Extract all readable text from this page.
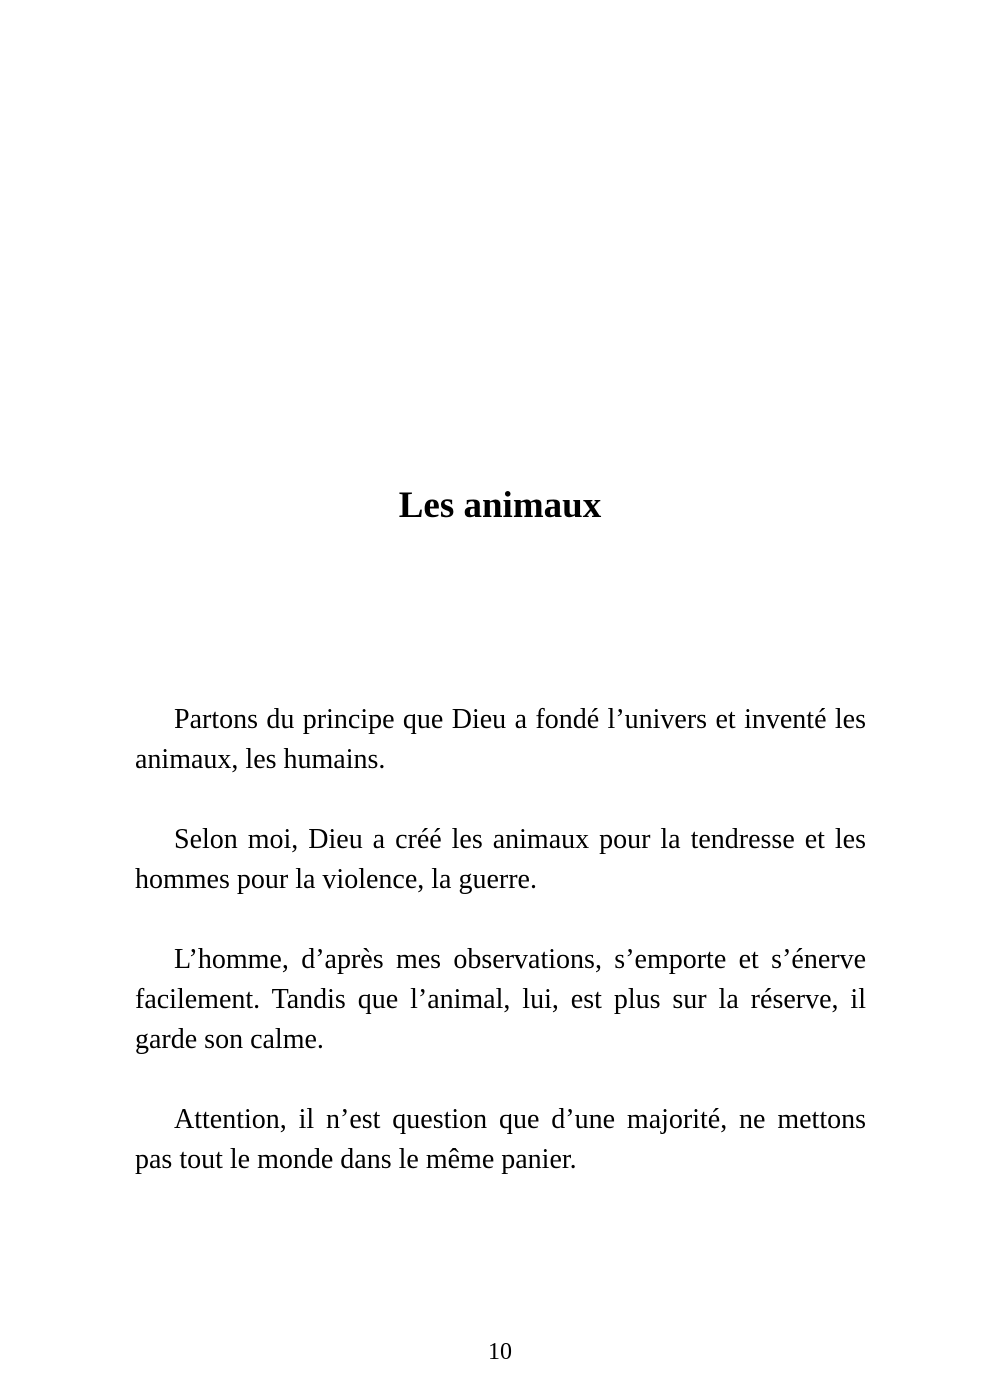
Les animaux

Partons du principe que Dieu a fondé l’univers et inventé les animaux, les humains.

Selon moi, Dieu a créé les animaux pour la tendresse et les hommes pour la violence, la guerre.

L’homme, d’après mes observations, s’emporte et s’énerve facilement. Tandis que l’animal, lui, est plus sur la réserve, il garde son calme.

Attention, il n’est question que d’une majorité, ne mettons pas tout le monde dans le même panier.

10
